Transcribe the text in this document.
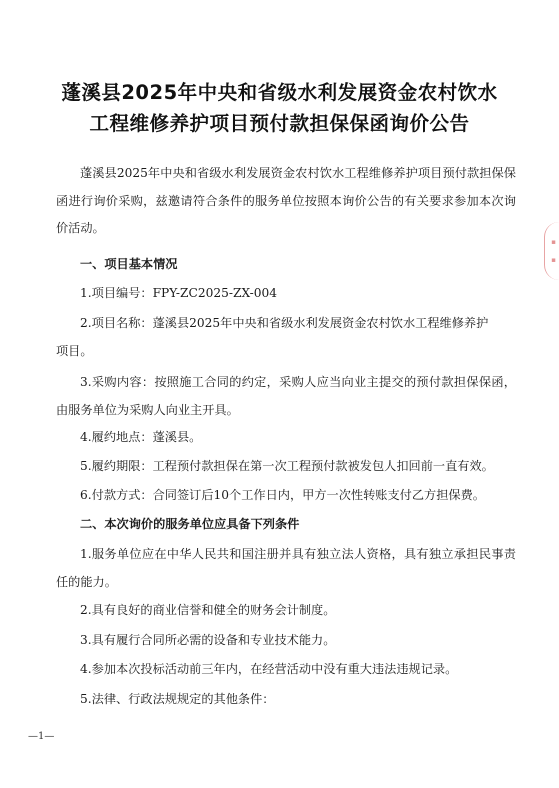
蓬溪县2025年中央和省级水利发展资金农村饮水
工程维修养护项目预付款担保保函询价公告

蓬溪县2025年中央和省级水利发展资金农村饮水工程维修养护项目预付款担保保函进行询价采购，兹邀请符合条件的服务单位按照本询价公告的有关要求参加本次询价活动。

一、项目基本情况
1.项目编号：FPY-ZC2025-ZX-004
2.项目名称：蓬溪县2025年中央和省级水利发展资金农村饮水工程维修养护
项目。

3.采购内容：按照施工合同的约定，采购人应当向业主提交的预付款担保保函，由服务单位为采购人向业主开具。

4.履约地点：蓬溪县。
5.履约期限：工程预付款担保在第一次工程预付款被发包人扣回前一直有效。
6.付款方式：合同签订后10个工作日内，甲方一次性转账支付乙方担保费。
二、本次询价的服务单位应具备下列条件

1.服务单位应在中华人民共和国注册并具有独立法人资格，具有独立承担民事责任的能力。

2.具有良好的商业信誉和健全的财务会计制度。
3.具有履行合同所必需的设备和专业技术能力。
4.参加本次投标活动前三年内，在经营活动中没有重大违法违规记录。
5.法律、行政法规规定的其他条件：
—1—
▪
▪
